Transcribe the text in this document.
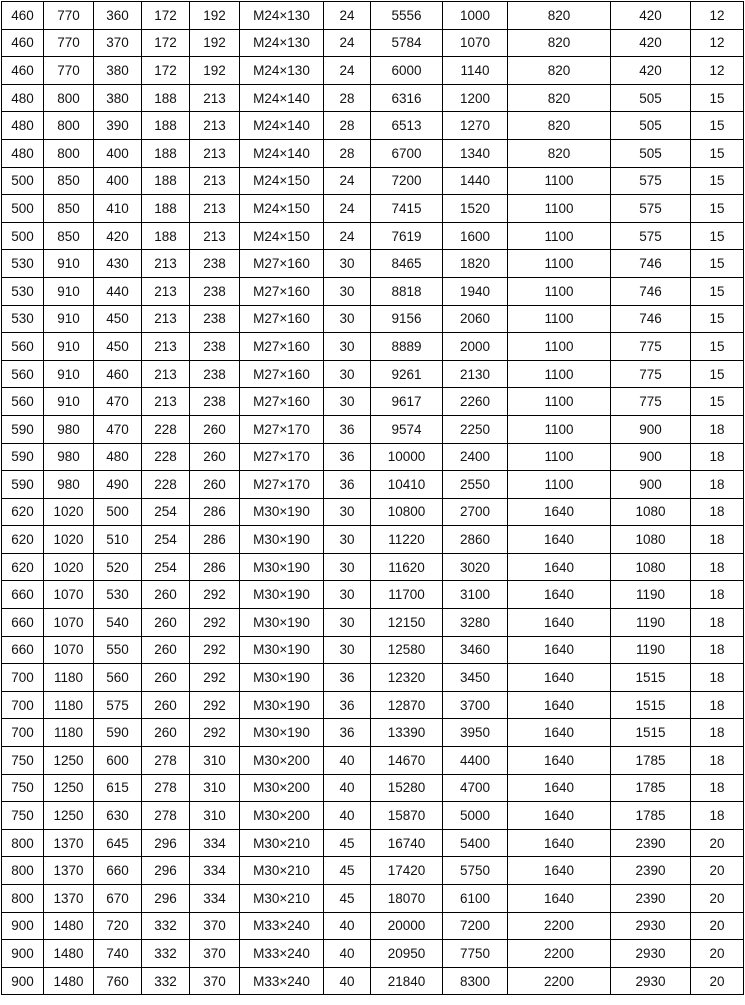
460	770	360	172	192	M24×130	24	5556	1000	820	420	12
460	770	370	172	192	M24×130	24	5784	1070	820	420	12
460	770	380	172	192	M24×130	24	6000	1140	820	420	12
480	800	380	188	213	M24×140	28	6316	1200	820	505	15
480	800	390	188	213	M24×140	28	6513	1270	820	505	15
480	800	400	188	213	M24×140	28	6700	1340	820	505	15
500	850	400	188	213	M24×150	24	7200	1440	1100	575	15
500	850	410	188	213	M24×150	24	7415	1520	1100	575	15
500	850	420	188	213	M24×150	24	7619	1600	1100	575	15
530	910	430	213	238	M27×160	30	8465	1820	1100	746	15
530	910	440	213	238	M27×160	30	8818	1940	1100	746	15
530	910	450	213	238	M27×160	30	9156	2060	1100	746	15
560	910	450	213	238	M27×160	30	8889	2000	1100	775	15
560	910	460	213	238	M27×160	30	9261	2130	1100	775	15
560	910	470	213	238	M27×160	30	9617	2260	1100	775	15
590	980	470	228	260	M27×170	36	9574	2250	1100	900	18
590	980	480	228	260	M27×170	36	10000	2400	1100	900	18
590	980	490	228	260	M27×170	36	10410	2550	1100	900	18
620	1020	500	254	286	M30×190	30	10800	2700	1640	1080	18
620	1020	510	254	286	M30×190	30	11220	2860	1640	1080	18
620	1020	520	254	286	M30×190	30	11620	3020	1640	1080	18
660	1070	530	260	292	M30×190	30	11700	3100	1640	1190	18
660	1070	540	260	292	M30×190	30	12150	3280	1640	1190	18
660	1070	550	260	292	M30×190	30	12580	3460	1640	1190	18
700	1180	560	260	292	M30×190	36	12320	3450	1640	1515	18
700	1180	575	260	292	M30×190	36	12870	3700	1640	1515	18
700	1180	590	260	292	M30×190	36	13390	3950	1640	1515	18
750	1250	600	278	310	M30×200	40	14670	4400	1640	1785	18
750	1250	615	278	310	M30×200	40	15280	4700	1640	1785	18
750	1250	630	278	310	M30×200	40	15870	5000	1640	1785	18
800	1370	645	296	334	M30×210	45	16740	5400	1640	2390	20
800	1370	660	296	334	M30×210	45	17420	5750	1640	2390	20
800	1370	670	296	334	M30×210	45	18070	6100	1640	2390	20
900	1480	720	332	370	M33×240	40	20000	7200	2200	2930	20
900	1480	740	332	370	M33×240	40	20950	7750	2200	2930	20
900	1480	760	332	370	M33×240	40	21840	8300	2200	2930	20
